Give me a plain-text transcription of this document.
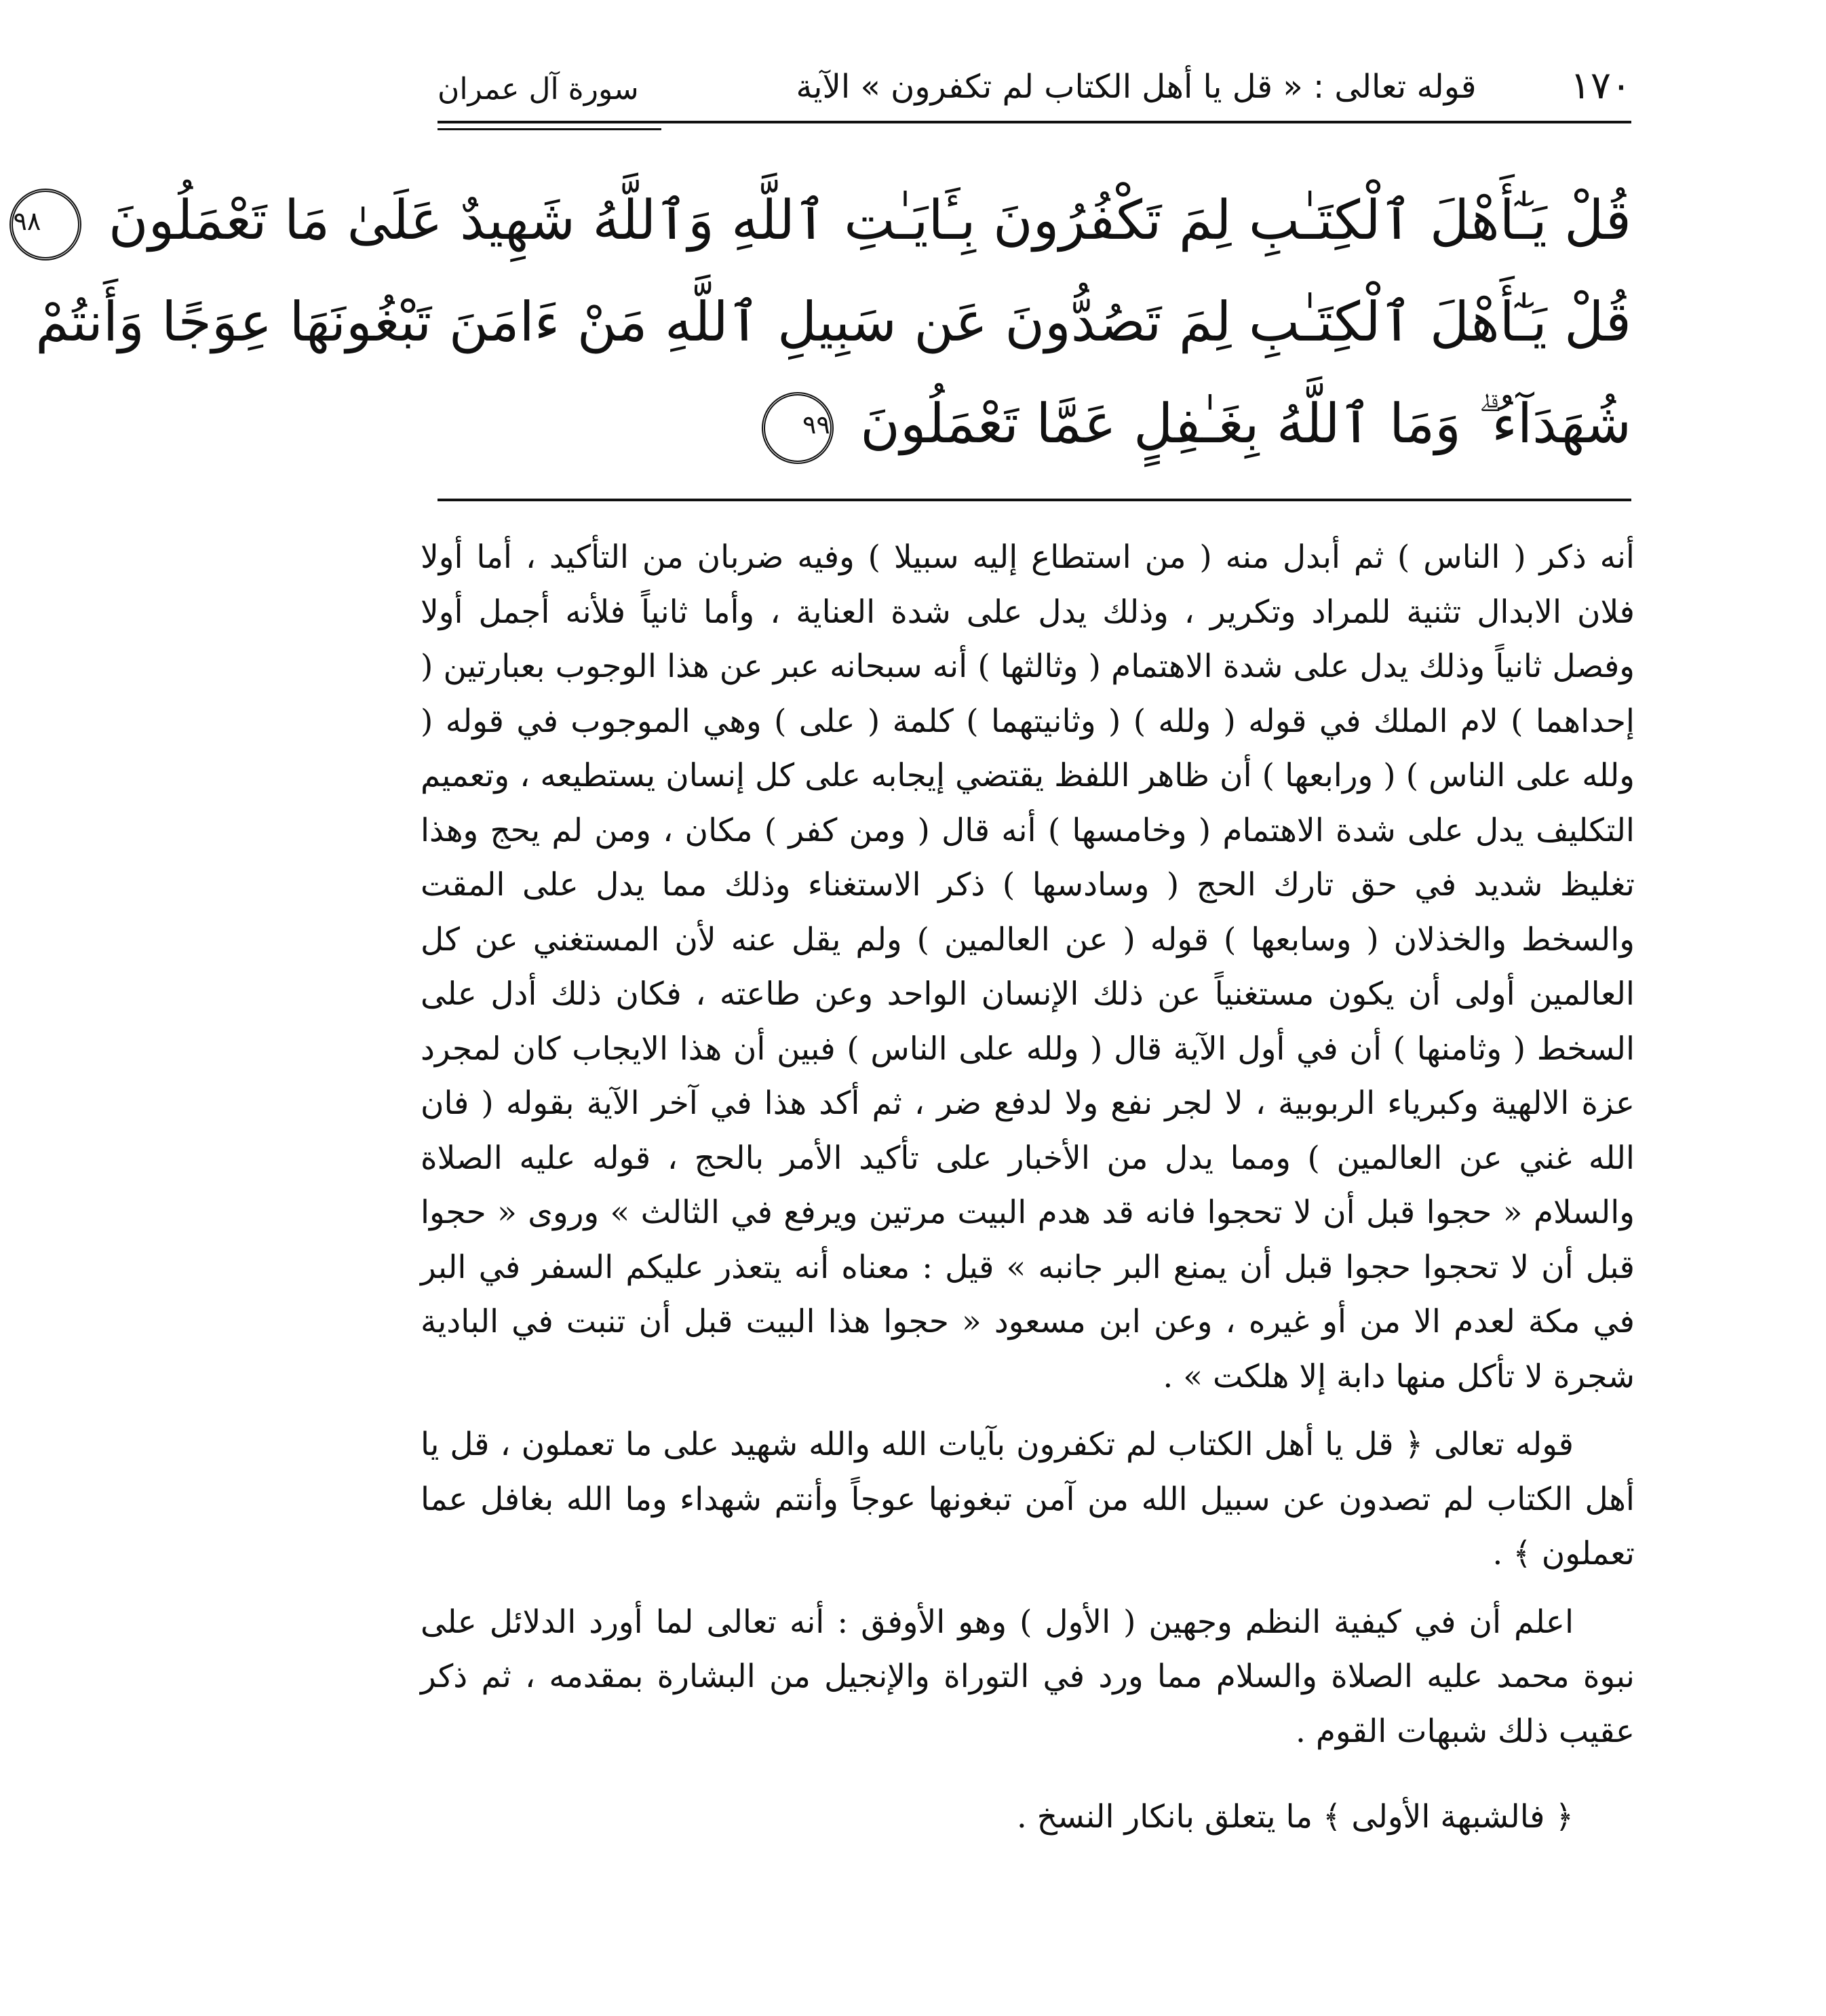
١٧٠
قوله تعالى : « قل يا أهل الكتاب لم تكفرون » الآية
سورة آل عمران
قُلْ يَـٰٓأَهْلَ ٱلْكِتَـٰبِ لِمَ تَكْفُرُونَ بِـَٔايَـٰتِ ٱللَّهِ وَٱللَّهُ شَهِيدٌ عَلَىٰ مَا تَعْمَلُونَ ٩٨
قُلْ يَـٰٓأَهْلَ ٱلْكِتَـٰبِ لِمَ تَصُدُّونَ عَن سَبِيلِ ٱللَّهِ مَنْ ءَامَنَ تَبْغُونَهَا عِوَجًا وَأَنتُمْ
شُهَدَآءُ ۗ وَمَا ٱللَّهُ بِغَـٰفِلٍ عَمَّا تَعْمَلُونَ ٩٩

أنه ذكر ( الناس ) ثم أبدل منه ( من استطاع إليه سبيلا ) وفيه ضربان من التأكيد ، أما أولا فلان الابدال تثنية للمراد وتكرير ، وذلك يدل على شدة العناية ، وأما ثانياً فلأنه أجمل أولا وفصل ثانياً وذلك يدل على شدة الاهتمام ( وثالثها ) أنه سبحانه عبر عن هذا الوجوب بعبارتين ( إحداهما ) لام الملك في قوله ( ولله ) ( وثانيتهما ) كلمة ( على ) وهي الموجوب في قوله ( ولله على الناس ) ( ورابعها ) أن ظاهر اللفظ يقتضي إيجابه على كل إنسان يستطيعه ، وتعميم التكليف يدل على شدة الاهتمام ( وخامسها ) أنه قال ( ومن كفر ) مكان ، ومن لم يحج وهذا تغليظ شديد في حق تارك الحج ( وسادسها ) ذكر الاستغناء وذلك مما يدل على المقت والسخط والخذلان ( وسابعها ) قوله ( عن العالمين ) ولم يقل عنه لأن المستغني عن كل العالمين أولى أن يكون مستغنياً عن ذلك الإنسان الواحد وعن طاعته ، فكان ذلك أدل على السخط ( وثامنها ) أن في أول الآية قال ( ولله على الناس ) فبين أن هذا الايجاب كان لمجرد عزة الالهية وكبرياء الربوبية ، لا لجر نفع ولا لدفع ضر ، ثم أكد هذا في آخر الآية بقوله ( فان الله غني عن العالمين ) ومما يدل من الأخبار على تأكيد الأمر بالحج ، قوله عليه الصلاة والسلام « حجوا قبل أن لا تحجوا فانه قد هدم البيت مرتين ويرفع في الثالث » وروى « حجوا قبل أن لا تحجوا حجوا قبل أن يمنع البر جانبه » قيل : معناه أنه يتعذر عليكم السفر في البر في مكة لعدم الا من أو غيره ، وعن ابن مسعود « حجوا هذا البيت قبل أن تنبت في البادية شجرة لا تأكل منها دابة إلا هلكت » .

قوله تعالى ﴿ قل يا أهل الكتاب لم تكفرون بآيات الله والله شهيد على ما تعملون ، قل يا أهل الكتاب لم تصدون عن سبيل الله من آمن تبغونها عوجاً وأنتم شهداء وما الله بغافل عما تعملون ﴾ .

اعلم أن في كيفية النظم وجهين ( الأول ) وهو الأوفق : أنه تعالى لما أورد الدلائل على نبوة محمد عليه الصلاة والسلام مما ورد في التوراة والإنجيل من البشارة بمقدمه ، ثم ذكر عقيب ذلك شبهات القوم .

﴿ فالشبهة الأولى ﴾ ما يتعلق بانكار النسخ .
